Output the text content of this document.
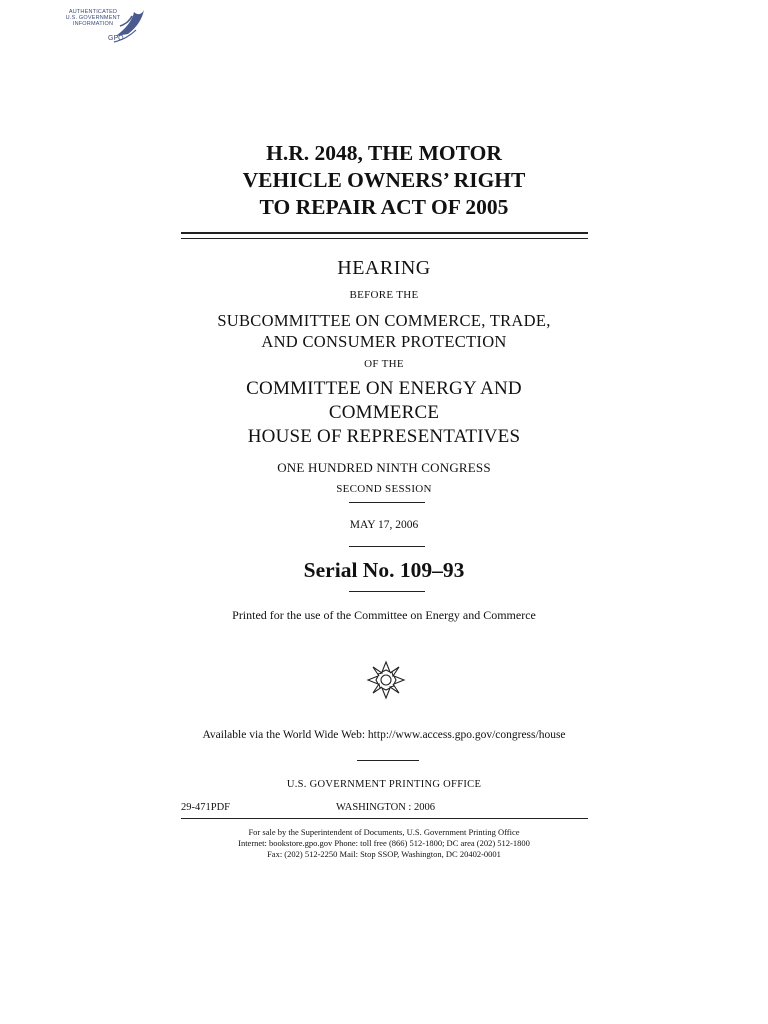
AUTHENTICATED
U.S. GOVERNMENT
INFORMATION
GPO
H.R. 2048, THE MOTOR
VEHICLE OWNERS’ RIGHT
TO REPAIR ACT OF 2005
HEARING
BEFORE THE
SUBCOMMITTEE ON COMMERCE, TRADE,
AND CONSUMER PROTECTION
OF THE
COMMITTEE ON ENERGY AND
COMMERCE
HOUSE OF REPRESENTATIVES
ONE HUNDRED NINTH CONGRESS
SECOND SESSION
MAY 17, 2006
Serial No. 109–93
Printed for the use of the Committee on Energy and Commerce
Available via the World Wide Web: http://www.access.gpo.gov/congress/house
U.S. GOVERNMENT PRINTING OFFICE
29-471PDF	WASHINGTON : 2006
For sale by the Superintendent of Documents, U.S. Government Printing Office
Internet: bookstore.gpo.gov Phone: toll free (866) 512-1800; DC area (202) 512-1800
Fax: (202) 512-2250 Mail: Stop SSOP, Washington, DC 20402-0001
